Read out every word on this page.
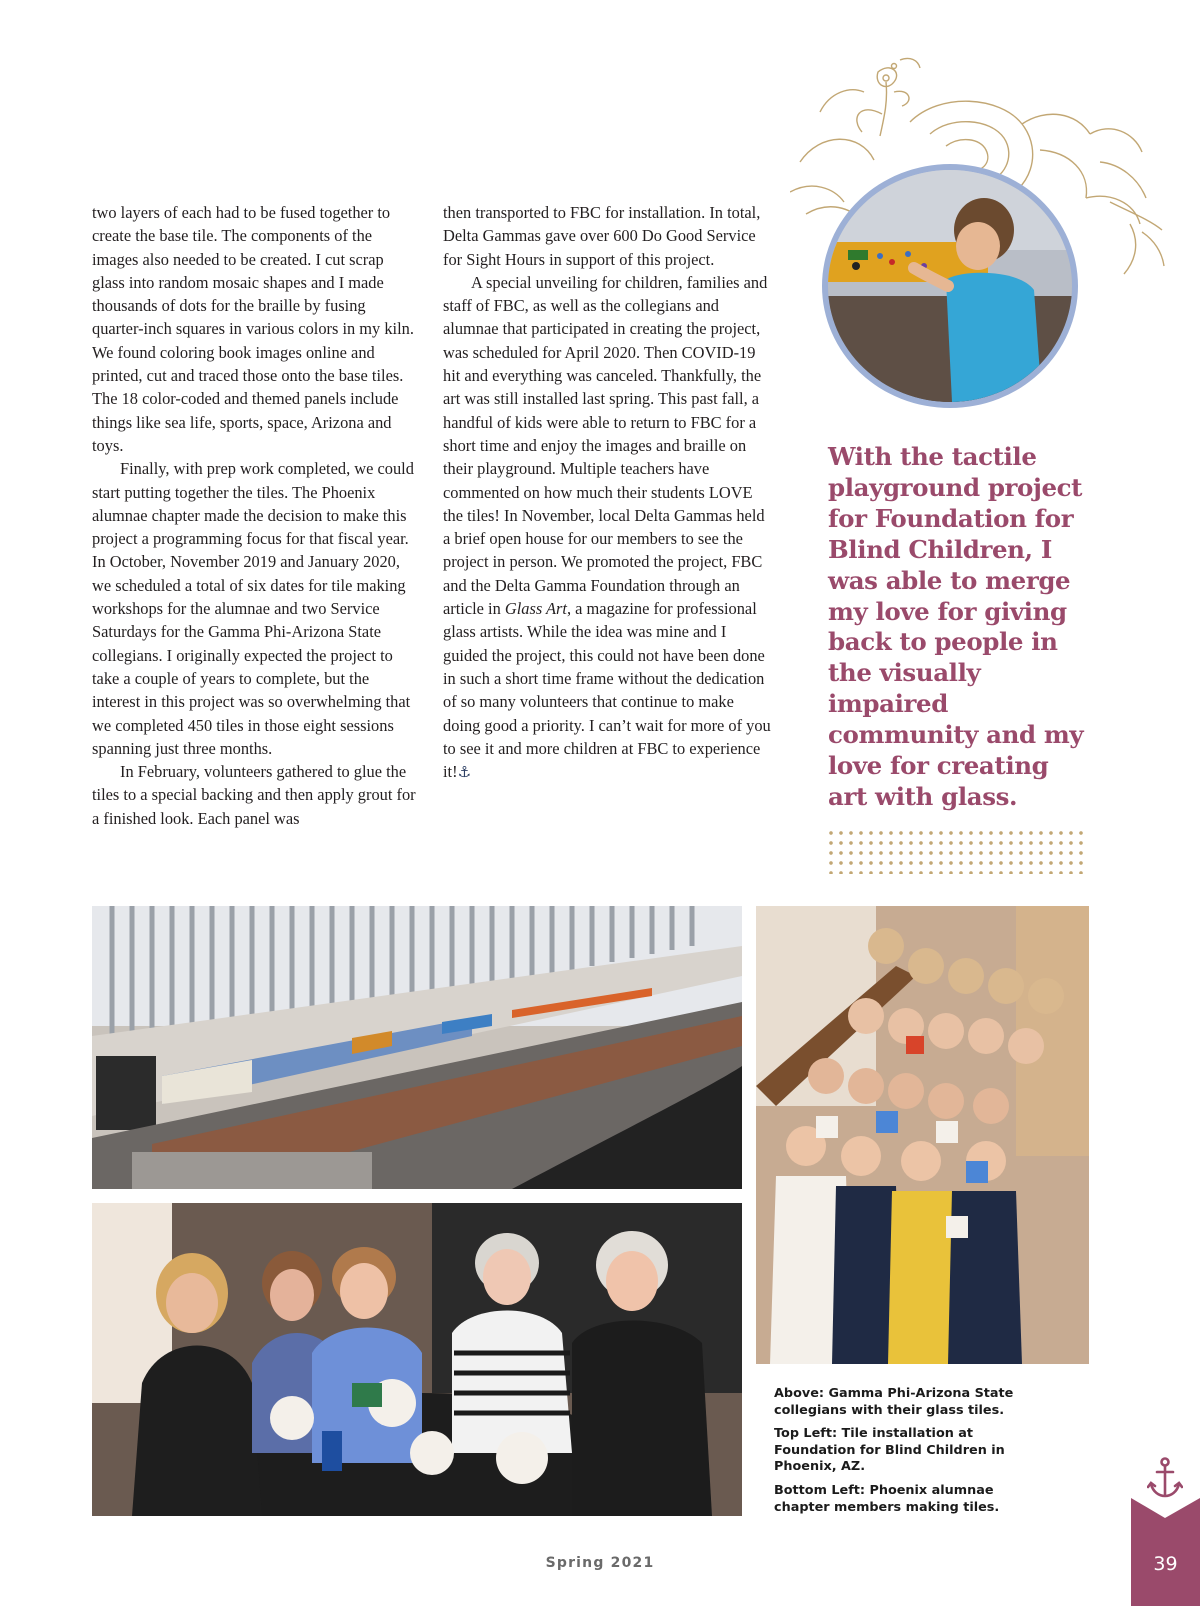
two layers of each had to be fused together to create the base tile. The components of the images also needed to be created. I cut scrap glass into random mosaic shapes and I made thousands of dots for the braille by fusing quarter-inch squares in various colors in my kiln. We found coloring book images online and printed, cut and traced those onto the base tiles. The 18 color-coded and themed panels include things like sea life, sports, space, Arizona and toys.

Finally, with prep work completed, we could start putting together the tiles. The Phoenix alumnae chapter made the decision to make this project a programming focus for that fiscal year. In October, November 2019 and January 2020, we scheduled a total of six dates for tile making workshops for the alumnae and two Service Saturdays for the Gamma Phi-Arizona State collegians. I originally expected the project to take a couple of years to complete, but the interest in this project was so overwhelming that we completed 450 tiles in those eight sessions spanning just three months.

In February, volunteers gathered to glue the tiles to a special backing and then apply grout for a finished look. Each panel was

then transported to FBC for installation. In total, Delta Gammas gave over 600 Do Good Service for Sight Hours in support of this project.

A special unveiling for children, families and staff of FBC, as well as the collegians and alumnae that participated in creating the project, was scheduled for April 2020. Then COVID-19 hit and everything was canceled. Thankfully, the art was still installed last spring. This past fall, a handful of kids were able to return to FBC for a short time and enjoy the images and braille on their playground. Multiple teachers have commented on how much their students LOVE the tiles! In November, local Delta Gammas held a brief open house for our members to see the project in person. We promoted the project, FBC and the Delta Gamma Foundation through an article in Glass Art, a magazine for professional glass artists. While the idea was mine and I guided the project, this could not have been done in such a short time frame without the dedication of so many volunteers that continue to make doing good a priority. I can’t wait for more of you to see it and more children at FBC to experience it!⚓

With the tactile playground project for Foundation for Blind Children, I was able to merge my love for giving back to people in the visually impaired community and my love for creating art with glass.

Above: Gamma Phi-Arizona State collegians with their glass tiles.

Top Left: Tile installation at Foundation for Blind Children in Phoenix, AZ.

Bottom Left: Phoenix alumnae chapter members making tiles.

Spring 2021	39
